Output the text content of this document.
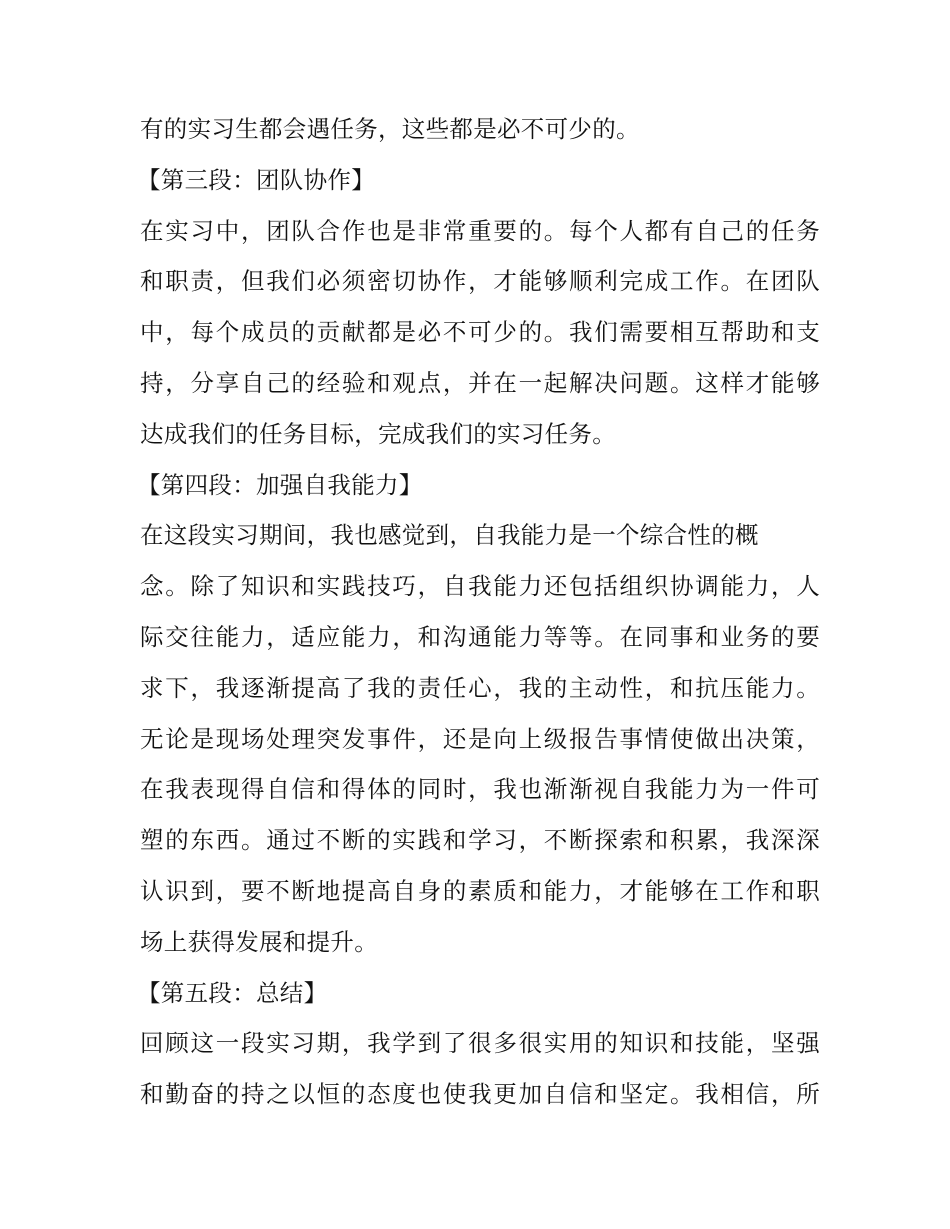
有的实习生都会遇任务，这些都是必不可少的。
【第三段：团队协作】
在实习中，团队合作也是非常重要的。每个人都有自己的任务
和职责，但我们必须密切协作，才能够顺利完成工作。在团队
中，每个成员的贡献都是必不可少的。我们需要相互帮助和支
持，分享自己的经验和观点，并在一起解决问题。这样才能够
达成我们的任务目标，完成我们的实习任务。
【第四段：加强自我能力】
在这段实习期间，我也感觉到，自我能力是一个综合性的概
念。除了知识和实践技巧，自我能力还包括组织协调能力，人
际交往能力，适应能力，和沟通能力等等。在同事和业务的要
求下，我逐渐提高了我的责任心，我的主动性，和抗压能力。
无论是现场处理突发事件，还是向上级报告事情使做出决策，
在我表现得自信和得体的同时，我也渐渐视自我能力为一件可
塑的东西。通过不断的实践和学习，不断探索和积累，我深深
认识到，要不断地提高自身的素质和能力，才能够在工作和职
场上获得发展和提升。
【第五段：总结】
回顾这一段实习期，我学到了很多很实用的知识和技能，坚强
和勤奋的持之以恒的态度也使我更加自信和坚定。我相信，所
